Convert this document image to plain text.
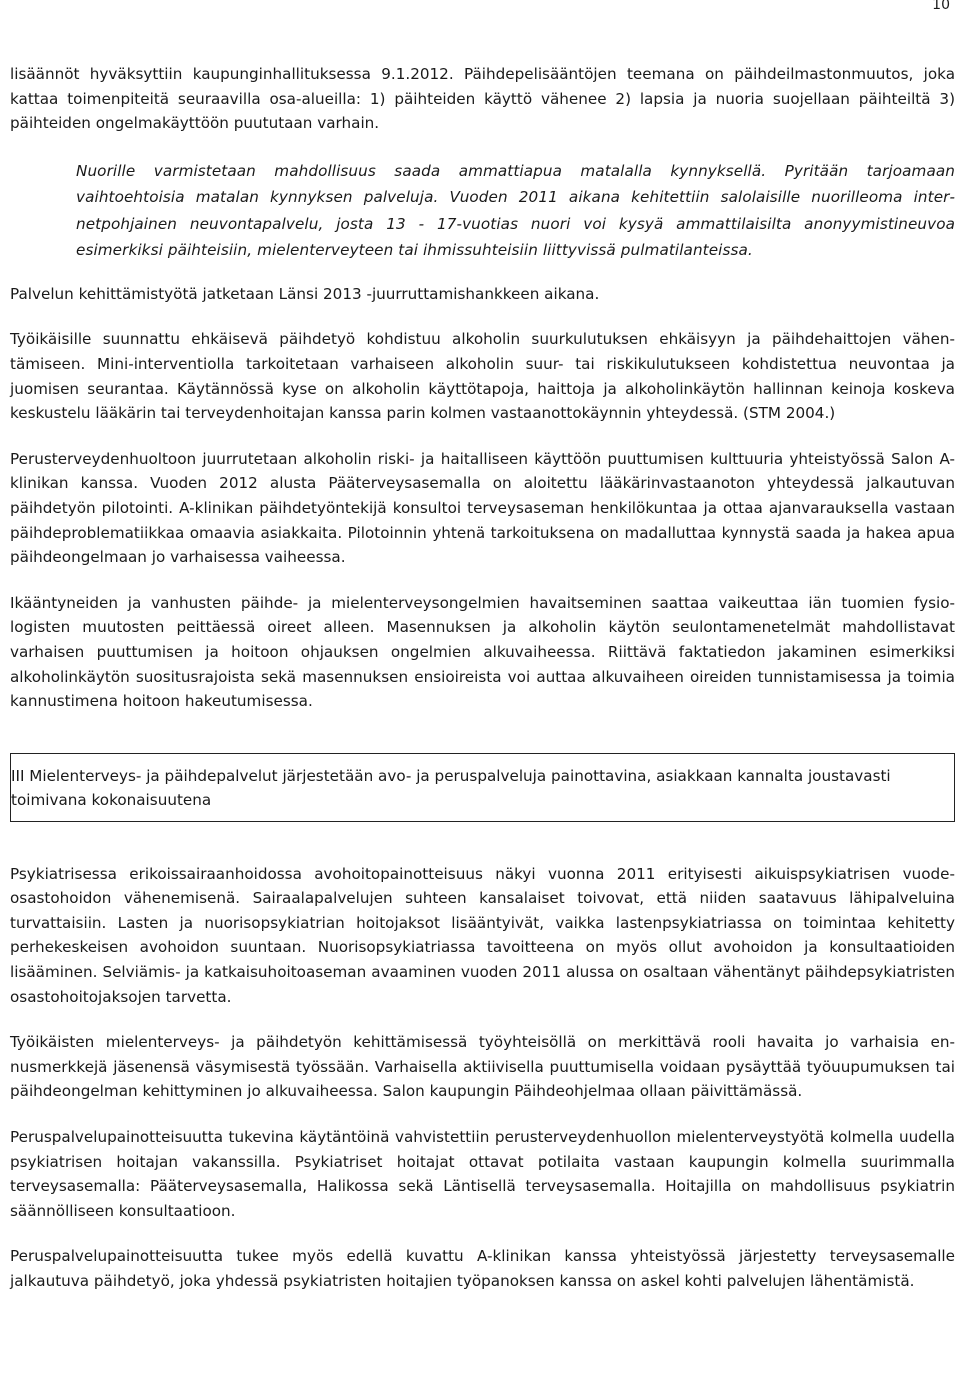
10

lisäännöt hyväksyttiin kaupunginhallituksessa 9.1.2012. Päihdepelisääntöjen teemana on päihdeilmastonmuutos, joka kattaa toimenpiteitä seuraavilla osa-alueilla: 1) päihteiden käyttö vähenee 2) lapsia ja nuoria suojellaan päihteiltä 3) päihteiden ongelmakäyttöön puututaan varhain.

Nuorille varmistetaan mahdollisuus saada ammattiapua matalalla kynnyksellä. Pyritään tarjoamaan vaihtoehtoisia matalan kynnyksen palveluja. Vuoden 2011 aikana kehitettiin salolaisille nuorilleoma internetpohjainen neuvontapalvelu, josta 13 - 17-vuotias nuori voi kysyä ammattilaisilta anonyymistineuvoa esimerkiksi päihteisiin, mielenterveyteen tai ihmissuhteisiin liittyvissä pulmatilanteissa.

Palvelun kehittämistyötä jatketaan Länsi 2013 -juurruttamishankkeen aikana.

Työikäisille suunnattu ehkäisevä päihdetyö kohdistuu alkoholin suurkulutuksen ehkäisyyn ja päihdehaittojen vähentämiseen. Mini-interventiolla tarkoitetaan varhaiseen alkoholin suur- tai riskikulutukseen kohdistettua neuvontaa ja juomisen seurantaa. Käytännössä kyse on alkoholin käyttötapoja, haittoja ja alkoholinkäytön hallinnan keinoja koskeva keskustelu lääkärin tai terveydenhoitajan kanssa parin kolmen vastaanottokäynnin yhteydessä. (STM 2004.)

Perusterveydenhuoltoon juurrutetaan alkoholin riski- ja haitalliseen käyttöön puuttumisen kulttuuria yhteistyössä Salon A-klinikan kanssa. Vuoden 2012 alusta Pääterveysasemalla on aloitettu lääkärinvastaanoton yhteydessä jalkautuvan päihdetyön pilotointi. A-klinikan päihdetyöntekijä konsultoi terveysaseman henkilökuntaa ja ottaa ajanvarauksella vastaan päihdeproblematiikkaa omaavia asiakkaita. Pilotoinnin yhtenä tarkoituksena on madalluttaa kynnystä saada ja hakea apua päihdeongelmaan jo varhaisessa vaiheessa.

Ikääntyneiden ja vanhusten päihde- ja mielenterveysongelmien havaitseminen saattaa vaikeuttaa iän tuomien fysiologisten muutosten peittäessä oireet alleen. Masennuksen ja alkoholin käytön seulontamenetelmät mahdollistavat varhaisen puuttumisen ja hoitoon ohjauksen ongelmien alkuvaiheessa. Riittävä faktatiedon jakaminen esimerkiksi alkoholinkäytön suositusrajoista sekä masennuksen ensioireista voi auttaa alkuvaiheen oireiden tunnistamisessa ja toimia kannustimena hoitoon hakeutumisessa.

III Mielenterveys- ja päihdepalvelut järjestetään avo- ja peruspalveluja painottavina, asiakkaan kannalta joustavasti toimivana kokonaisuutena

Psykiatrisessa erikoissairaanhoidossa avohoitopainotteisuus näkyi vuonna 2011 erityisesti aikuispsykiatrisen vuodeosastohoidon vähenemisenä. Sairaalapalvelujen suhteen kansalaiset toivovat, että niiden saatavuus lähipalveluina turvattaisiin. Lasten ja nuorisopsykiatrian hoitojaksot lisääntyivät, vaikka lastenpsykiatriassa on toimintaa kehitetty perhekeskeisen avohoidon suuntaan. Nuorisopsykiatriassa tavoitteena on myös ollut avohoidon ja konsultaatioiden lisääminen. Selviämis- ja katkaisuhoitoaseman avaaminen vuoden 2011 alussa on osaltaan vähentänyt päihdepsykiatristen osastohoitojaksojen tarvetta.

Työikäisten mielenterveys- ja päihdetyön kehittämisessä työyhteisöllä on merkittävä rooli havaita jo varhaisia ennusmerkkejä jäsenensä väsymisestä työssään. Varhaisella aktiivisella puuttumisella voidaan pysäyttää työuupumuksen tai päihdeongelman kehittyminen jo alkuvaiheessa. Salon kaupungin Päihdeohjelmaa ollaan päivittämässä.

Peruspalvelupainotteisuutta tukevina käytäntöinä vahvistettiin perusterveydenhuollon mielenterveystyötä kolmella uudella psykiatrisen hoitajan vakanssilla. Psykiatriset hoitajat ottavat potilaita vastaan kaupungin kolmella suurimmalla terveysasemalla: Pääterveysasemalla, Halikossa sekä Läntisellä terveysasemalla. Hoitajilla on mahdollisuus psykiatrin säännölliseen konsultaatioon.

Peruspalvelupainotteisuutta tukee myös edellä kuvattu A-klinikan kanssa yhteistyössä järjestetty terveysasemalle jalkautuva päihdetyö, joka yhdessä psykiatristen hoitajien työpanoksen kanssa on askel kohti palvelujen lähentämistä.
